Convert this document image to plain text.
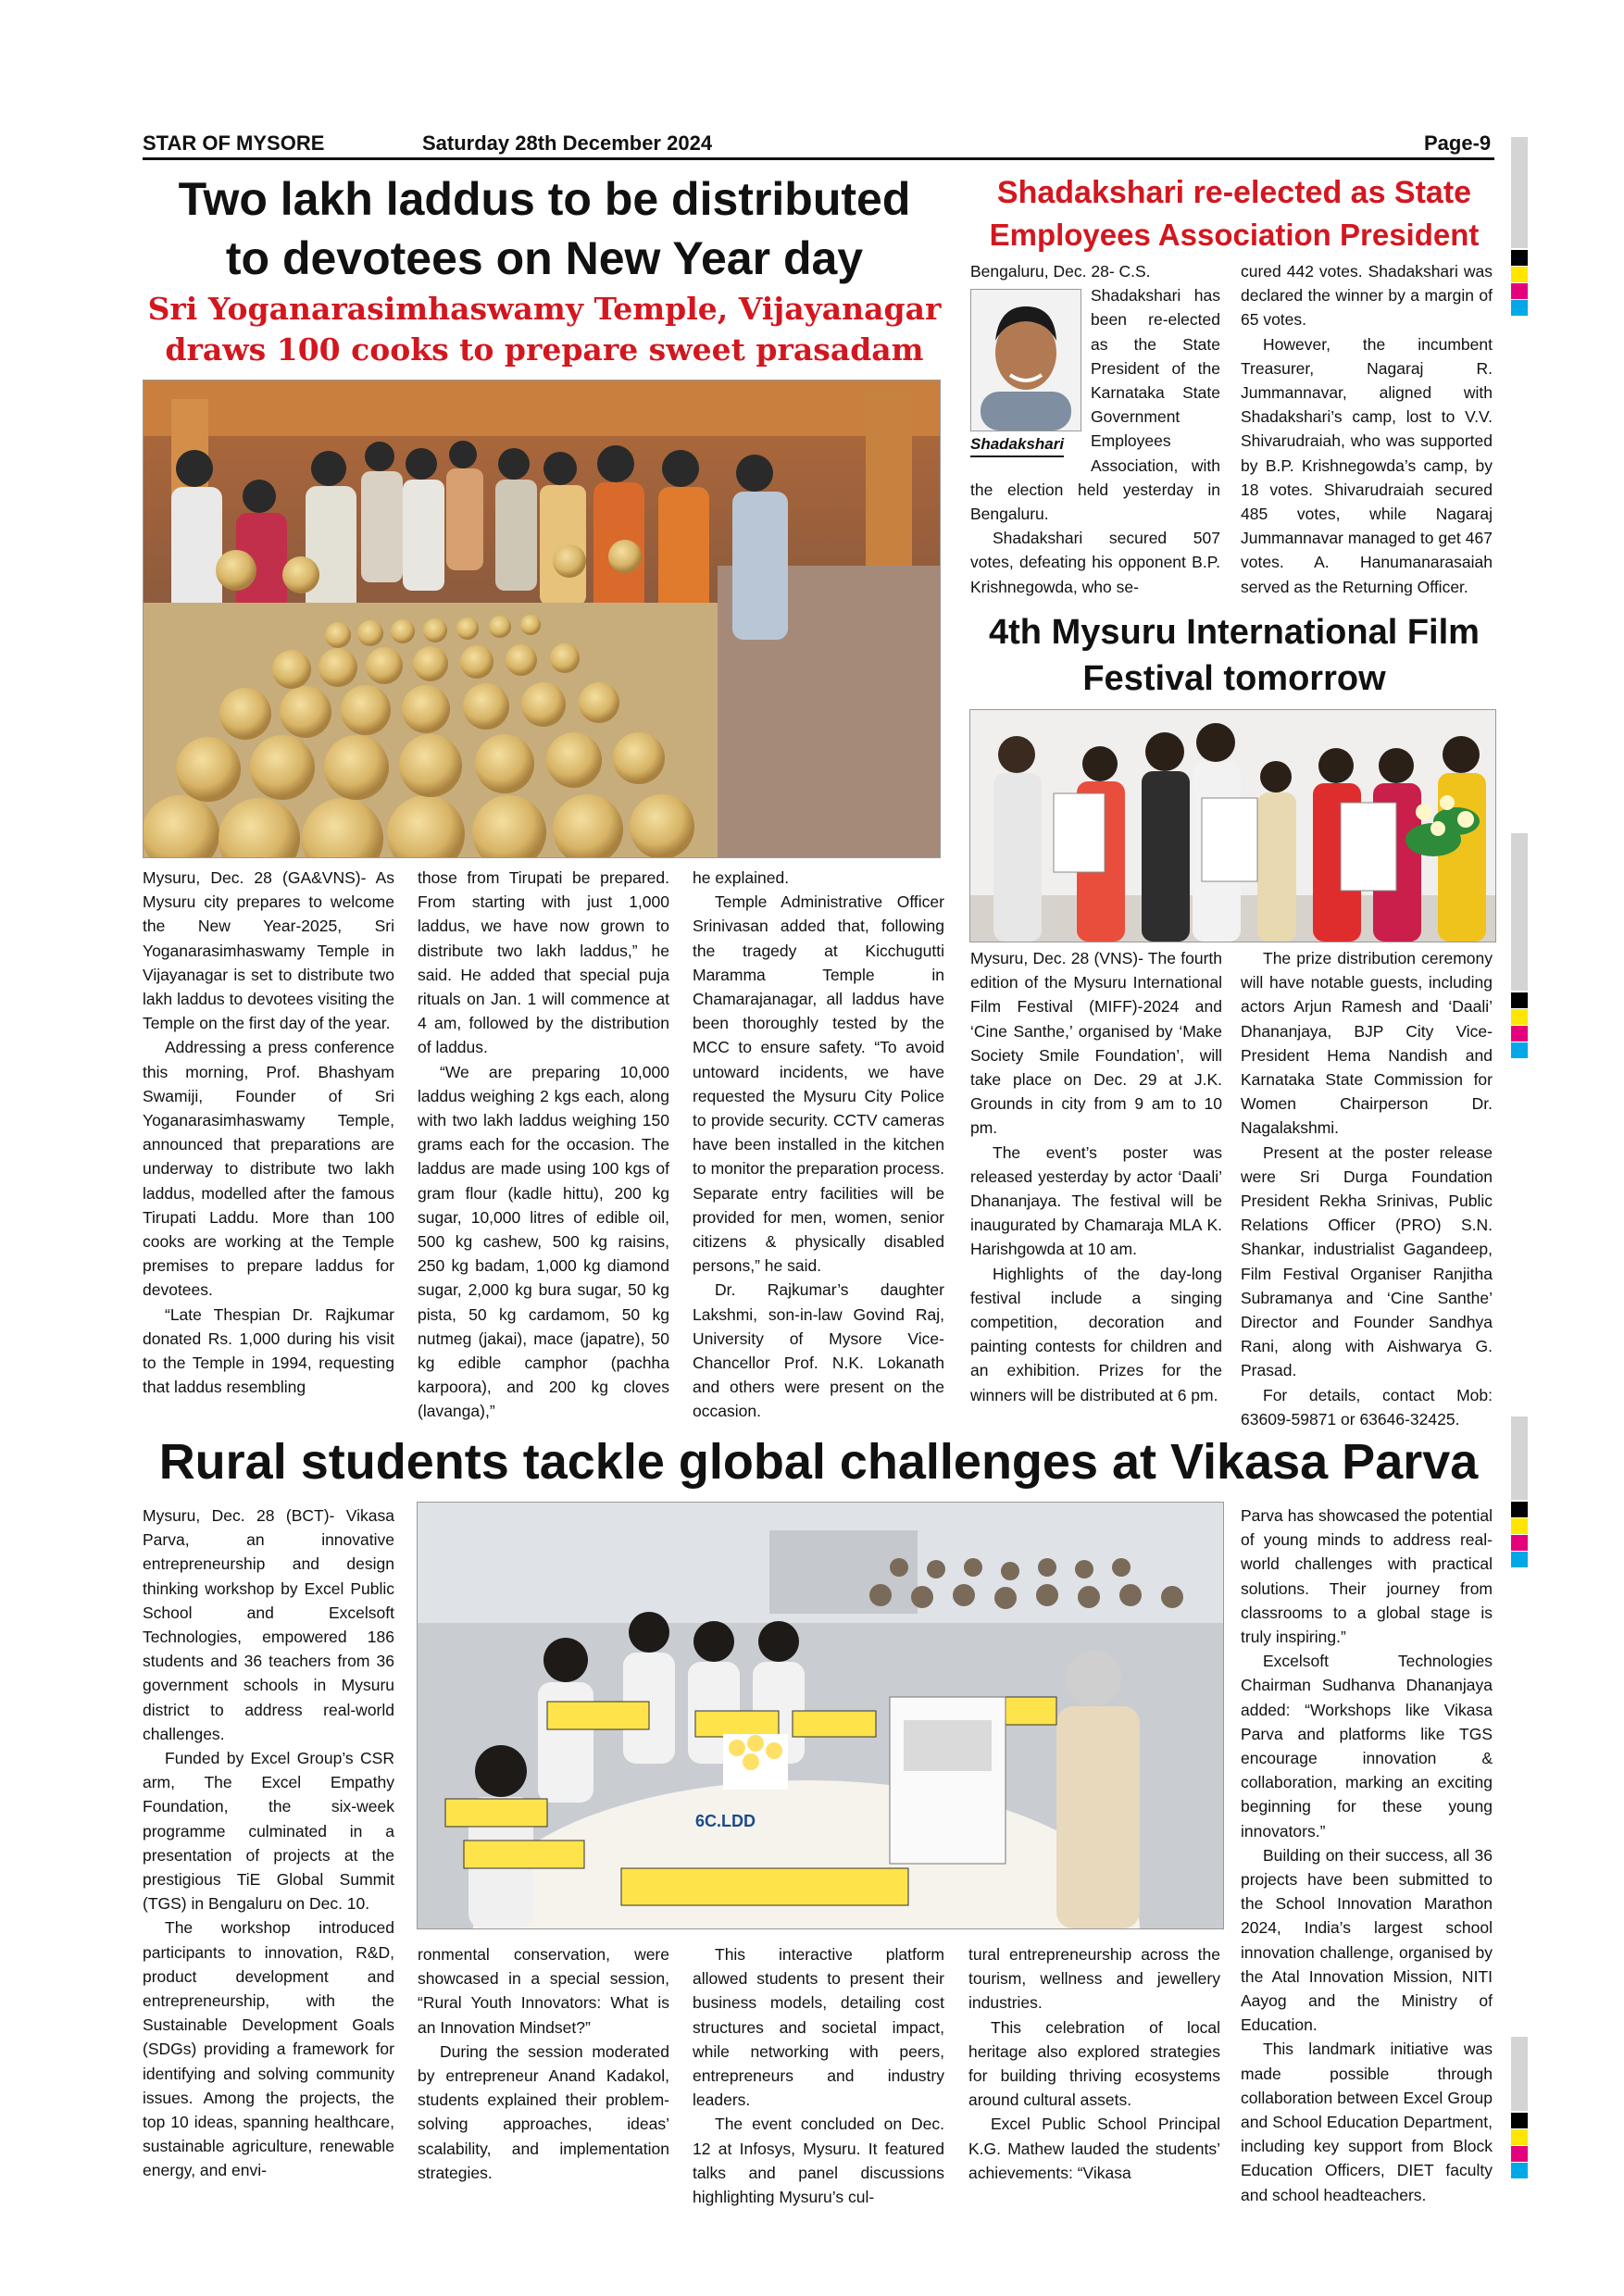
STAR OF MYSORE	Saturday 28th December 2024	Page-9
Two lakh laddus to be distributed
to devotees on New Year day
Sri Yoganarasimhaswamy Temple, Vijayanagar
draws 100 cooks to prepare sweet prasadam

Mysuru, Dec. 28 (GA&VNS)- As Mysuru city prepares to welcome the New Year-2025, Sri Yoganarasimhaswamy Temple in Vijayanagar is set to distribute two lakh laddus to devotees visiting the Temple on the first day of the year.

Addressing a press conference this morning, Prof. Bhashyam Swamiji, Founder of Sri Yoganarasimhaswamy Temple, announced that preparations are underway to distribute two lakh laddus, modelled after the famous Tirupati Laddu. More than 100 cooks are working at the Temple premises to prepare laddus for devotees.

“Late Thespian Dr. Rajkumar donated Rs. 1,000 during his visit to the Temple in 1994, requesting that laddus resembling

those from Tirupati be prepared. From starting with just 1,000 laddus, we have now grown to distribute two lakh laddus,” he said. He added that special puja rituals on Jan. 1 will commence at 4 am, followed by the distribution of laddus.

“We are preparing 10,000 laddus weighing 2 kgs each, along with two lakh laddus weighing 150 grams each for the occasion. The laddus are made using 100 kgs of gram flour (kadle hittu), 200 kg sugar, 10,000 litres of edible oil, 500 kg cashew, 500 kg raisins, 250 kg badam, 1,000 kg diamond sugar, 2,000 kg bura sugar, 50 kg pista, 50 kg cardamom, 50 kg nutmeg (jakai), mace (japatre), 50 kg edible camphor (pachha karpoora), and 200 kg cloves (lavanga),”

he explained.

Temple Administrative Officer Srinivasan added that, following the tragedy at Kicchugutti Maramma Temple in Chamarajanagar, all laddus have been thoroughly tested by the MCC to ensure safety. “To avoid untoward incidents, we have requested the Mysuru City Police to provide security. CCTV cameras have been installed in the kitchen to monitor the preparation process. Separate entry facilities will be provided for men, women, senior citizens & physically disabled persons,” he said.

Dr. Rajkumar’s daughter Lakshmi, son-in-law Govind Raj, University of Mysore Vice-Chancellor Prof. N.K. Lokanath and others were present on the occasion.

Shadakshari re-elected as State
Employees Association President

Bengaluru, Dec. 28- C.S.

Shadakshari
Shadakshari has been re-elected as the State President of the Karnataka State Government Employees Association, with the election held yesterday in Bengaluru.

Shadakshari secured 507 votes, defeating his opponent B.P. Krishnegowda, who se-

cured 442 votes. Shadakshari was declared the winner by a margin of 65 votes.

However, the incumbent Treasurer, Nagaraj R. Jummannavar, aligned with Shadakshari’s camp, lost to V.V. Shivarudraiah, who was supported by B.P. Krishnegowda’s camp, by 18 votes. Shivarudraiah secured 485 votes, while Nagaraj Jummannavar managed to get 467 votes. A. Hanumanarasaiah served as the Returning Officer.

4th Mysuru International Film
Festival tomorrow

Mysuru, Dec. 28 (VNS)- The fourth edition of the Mysuru International Film Festival (MIFF)-2024 and ‘Cine Santhe,’ organised by ‘Make Society Smile Foundation’, will take place on Dec. 29 at J.K. Grounds in city from 9 am to 10 pm.

The event’s poster was released yesterday by actor ‘Daali’ Dhananjaya. The festival will be inaugurated by Chamaraja MLA K. Harishgowda at 10 am.

Highlights of the day-long festival include a singing competition, decoration and painting contests for children and an exhibition. Prizes for the winners will be distributed at 6 pm.

The prize distribution ceremony will have notable guests, including actors Arjun Ramesh and ‘Daali’ Dhananjaya, BJP City Vice-President Hema Nandish and Karnataka State Commission for Women Chairperson Dr. Nagalakshmi.

Present at the poster release were Sri Durga Foundation President Rekha Srinivas, Public Relations Officer (PRO) S.N. Shankar, industrialist Gagandeep, Film Festival Organiser Ranjitha Subramanya and ‘Cine Santhe’ Director and Founder Sandhya Rani, along with Aishwarya G. Prasad.

For details, contact Mob: 63609-59871 or 63646-32425.

Rural students tackle global challenges at Vikasa Parva
6C.LDD

Mysuru, Dec. 28 (BCT)- Vikasa Parva, an innovative entrepreneurship and design thinking workshop by Excel Public School and Excelsoft Technologies, empowered 186 students and 36 teachers from 36 government schools in Mysuru district to address real-world challenges.

Funded by Excel Group’s CSR arm, The Excel Empathy Foundation, the six-week programme culminated in a presentation of projects at the prestigious TiE Global Summit (TGS) in Bengaluru on Dec. 10.

The workshop introduced participants to innovation, R&D, product development and entrepreneurship, with the Sustainable Development Goals (SDGs) providing a framework for identifying and solving community issues. Among the projects, the top 10 ideas, spanning healthcare, sustainable agriculture, renewable energy, and envi-

ronmental conservation, were showcased in a special session, “Rural Youth Innovators: What is an Innovation Mindset?”

During the session moderated by entrepreneur Anand Kadakol, students explained their problem-solving approaches, ideas’ scalability, and implementation strategies.

This interactive platform allowed students to present their business models, detailing cost structures and societal impact, while networking with peers, entrepreneurs and industry leaders.

The event concluded on Dec. 12 at Infosys, Mysuru. It featured talks and panel discussions highlighting Mysuru’s cul-

tural entrepreneurship across the tourism, wellness and jewellery industries.

This celebration of local heritage also explored strategies for building thriving ecosystems around cultural assets.

Excel Public School Principal K.G. Mathew lauded the students’ achievements: “Vikasa

Parva has showcased the potential of young minds to address real-world challenges with practical solutions. Their journey from classrooms to a global stage is truly inspiring.”

Excelsoft Technologies Chairman Sudhanva Dhananjaya added: “Workshops like Vikasa Parva and platforms like TGS encourage innovation & collaboration, marking an exciting beginning for these young innovators.”

Building on their success, all 36 projects have been submitted to the School Innovation Marathon 2024, India’s largest school innovation challenge, organised by the Atal Innovation Mission, NITI Aayog and the Ministry of Education.

This landmark initiative was made possible through collaboration between Excel Group and School Education Department, including key support from Block Education Officers, DIET faculty and school headteachers.
